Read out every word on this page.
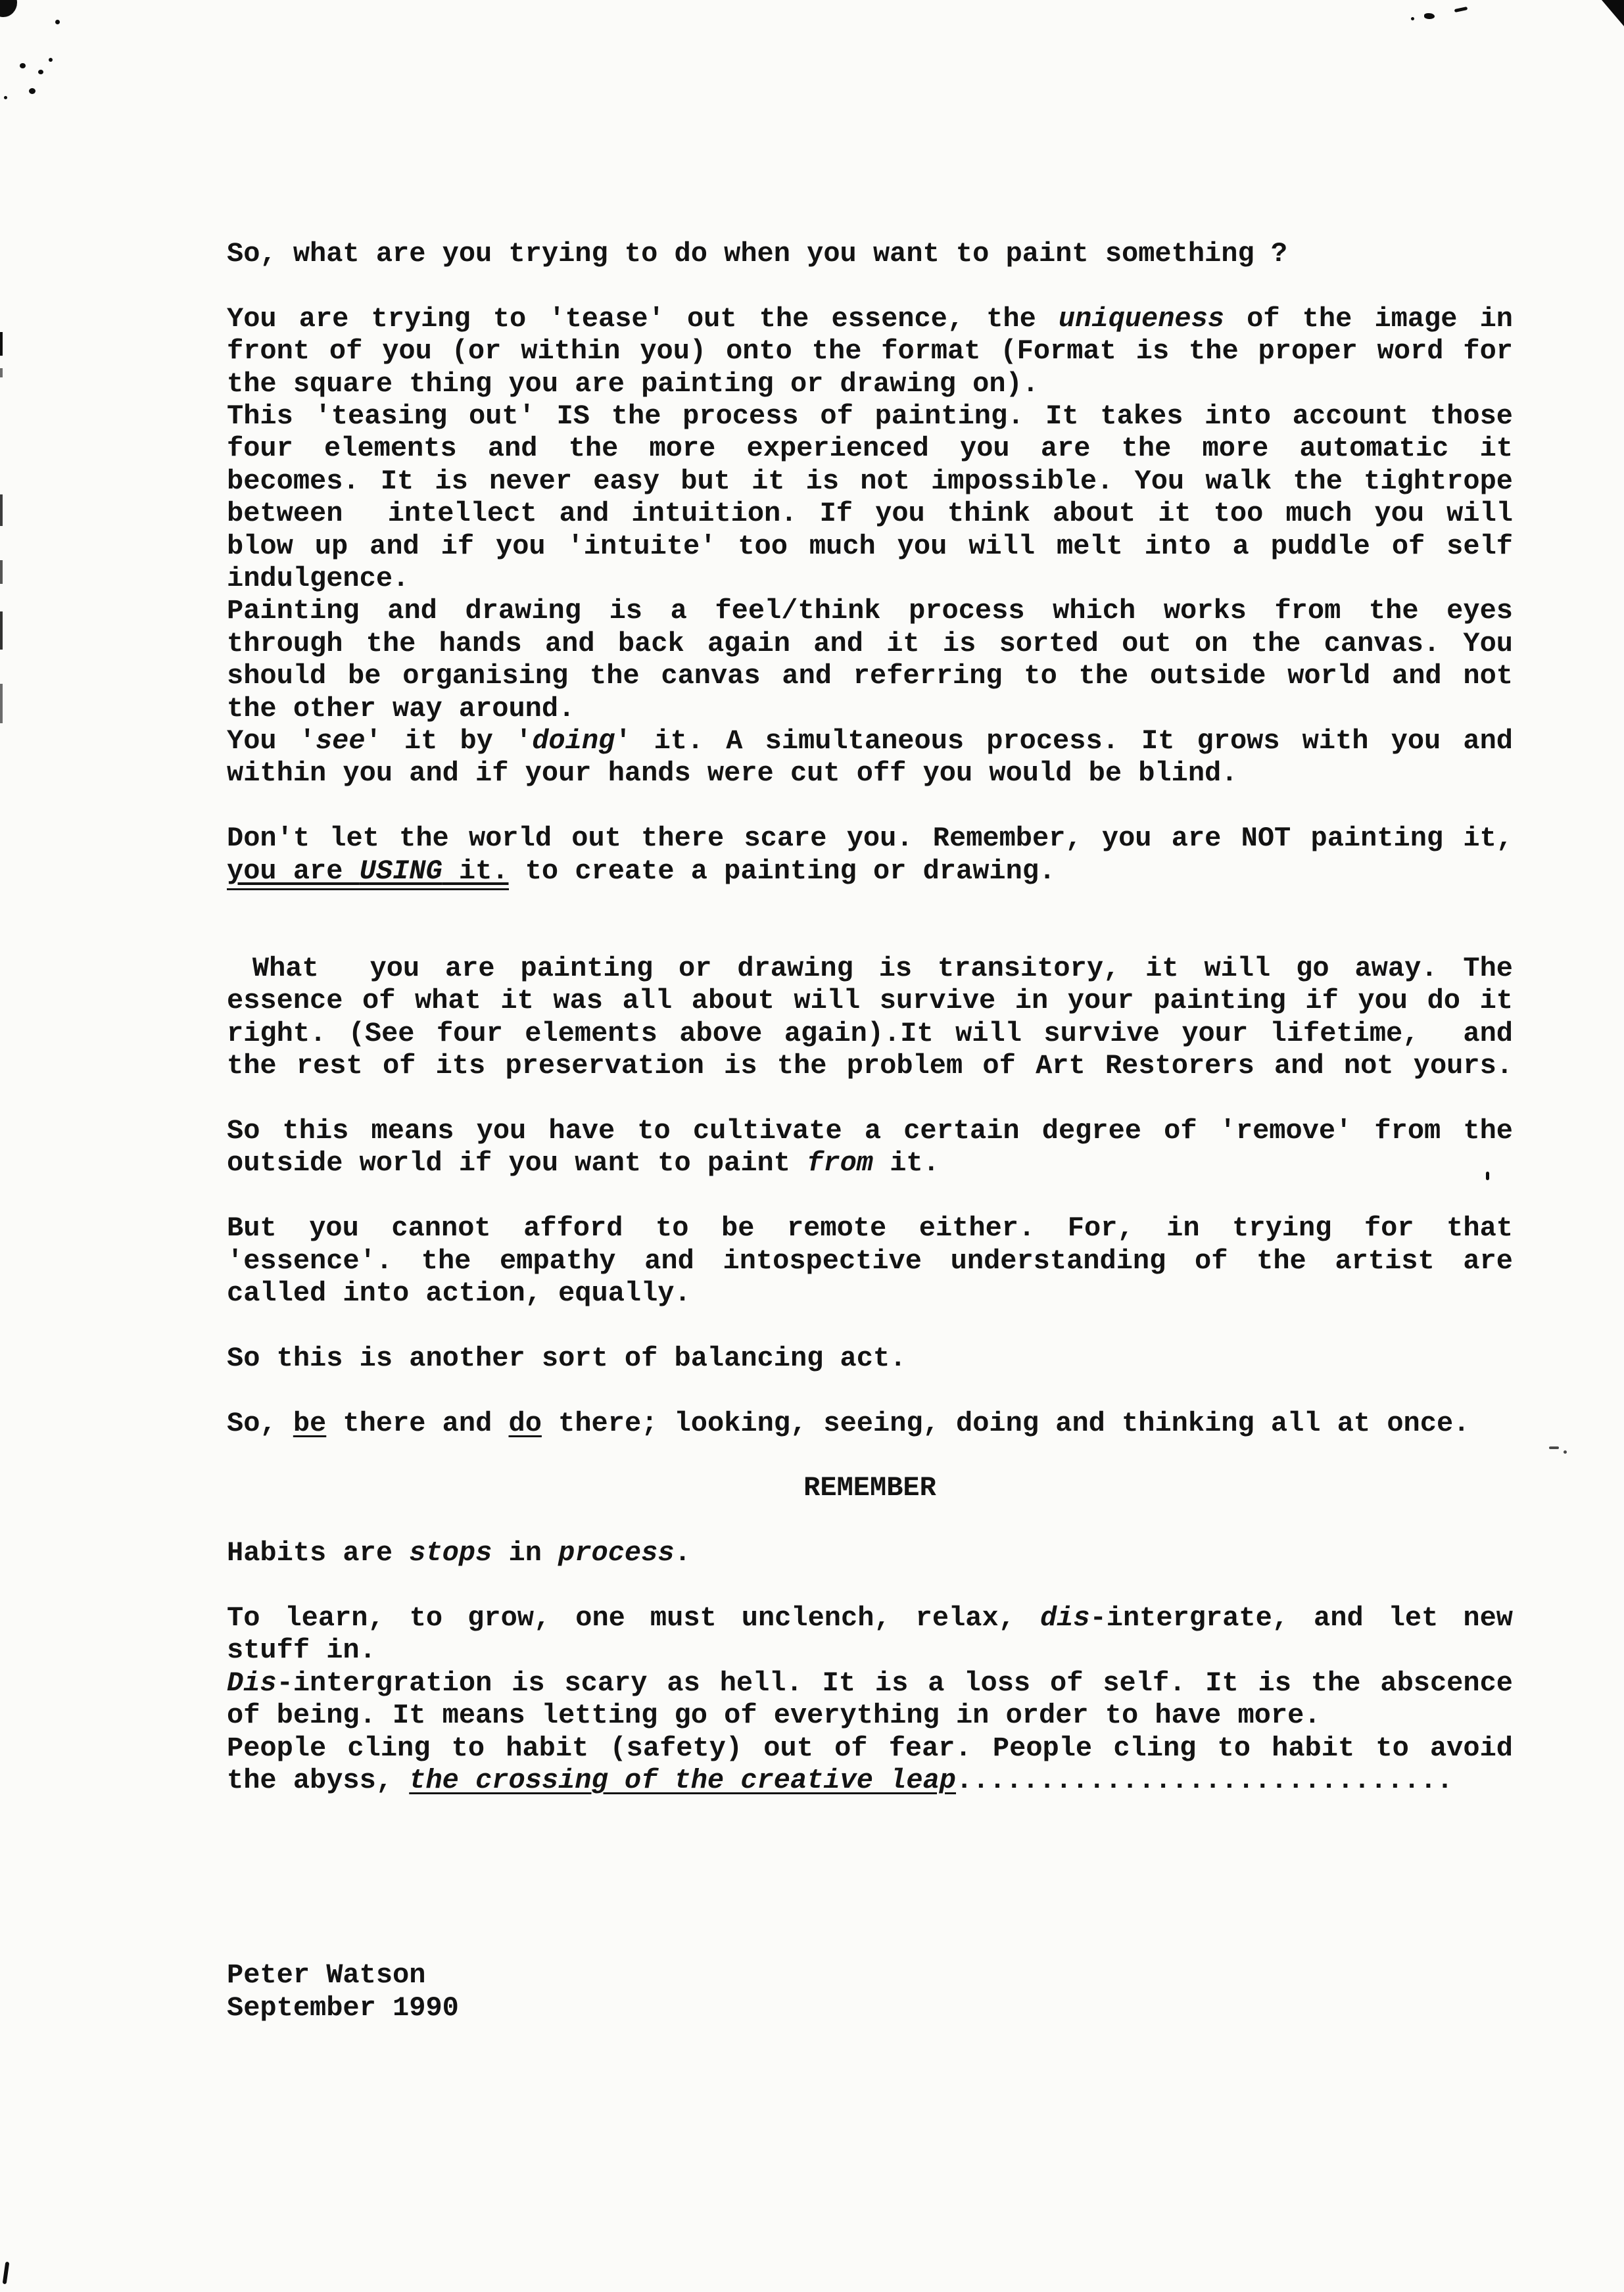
So, what are you trying to do when you want to paint something ?
You are trying to 'tease' out the essence, the uniqueness of the image in
front of you (or within you) onto the format (Format is the proper word for
the square thing you are painting or drawing on).
This 'teasing out' IS the process of painting. It takes into account those
four elements and the more experienced you are the more automatic it
becomes. It is never easy but it is not impossible. You walk the tightrope
between  intellect and intuition. If you think about it too much you will
blow up and if you 'intuite' too much you will melt into a puddle of self
indulgence.
Painting and drawing is a feel/think process which works from the eyes
through the hands and back again and it is sorted out on the canvas. You
should be organising the canvas and referring to the outside world and not
the other way around.
You 'see' it by 'doing' it. A simultaneous process. It grows with you and
within you and if your hands were cut off you would be blind.
Don't let the world out there scare you. Remember, you are NOT painting it,
you are USING it. to create a painting or drawing.
What  you are painting or drawing is transitory, it will go away. The
essence of what it was all about will survive in your painting if you do it
right. (See four elements above again).It will survive your lifetime,  and
the rest of its preservation is the problem of Art Restorers and not yours.
So this means you have to cultivate a certain degree of 'remove' from the
outside world if you want to paint from it.
But you cannot afford to be remote either. For, in trying for that
'essence'. the empathy and intospective understanding of the artist are
called into action, equally.
So this is another sort of balancing act.
So, be there and do there; looking, seeing, doing and thinking all at once.
REMEMBER
Habits are stops in process.
To learn, to grow, one must unclench, relax, dis-intergrate, and let new
stuff in.
Dis-intergration is scary as hell. It is a loss of self. It is the abscence
of being. It means letting go of everything in order to have more.
People cling to habit (safety) out of fear. People cling to habit to avoid
the abyss, the crossing of the creative leap..............................
Peter Watson
September 1990
